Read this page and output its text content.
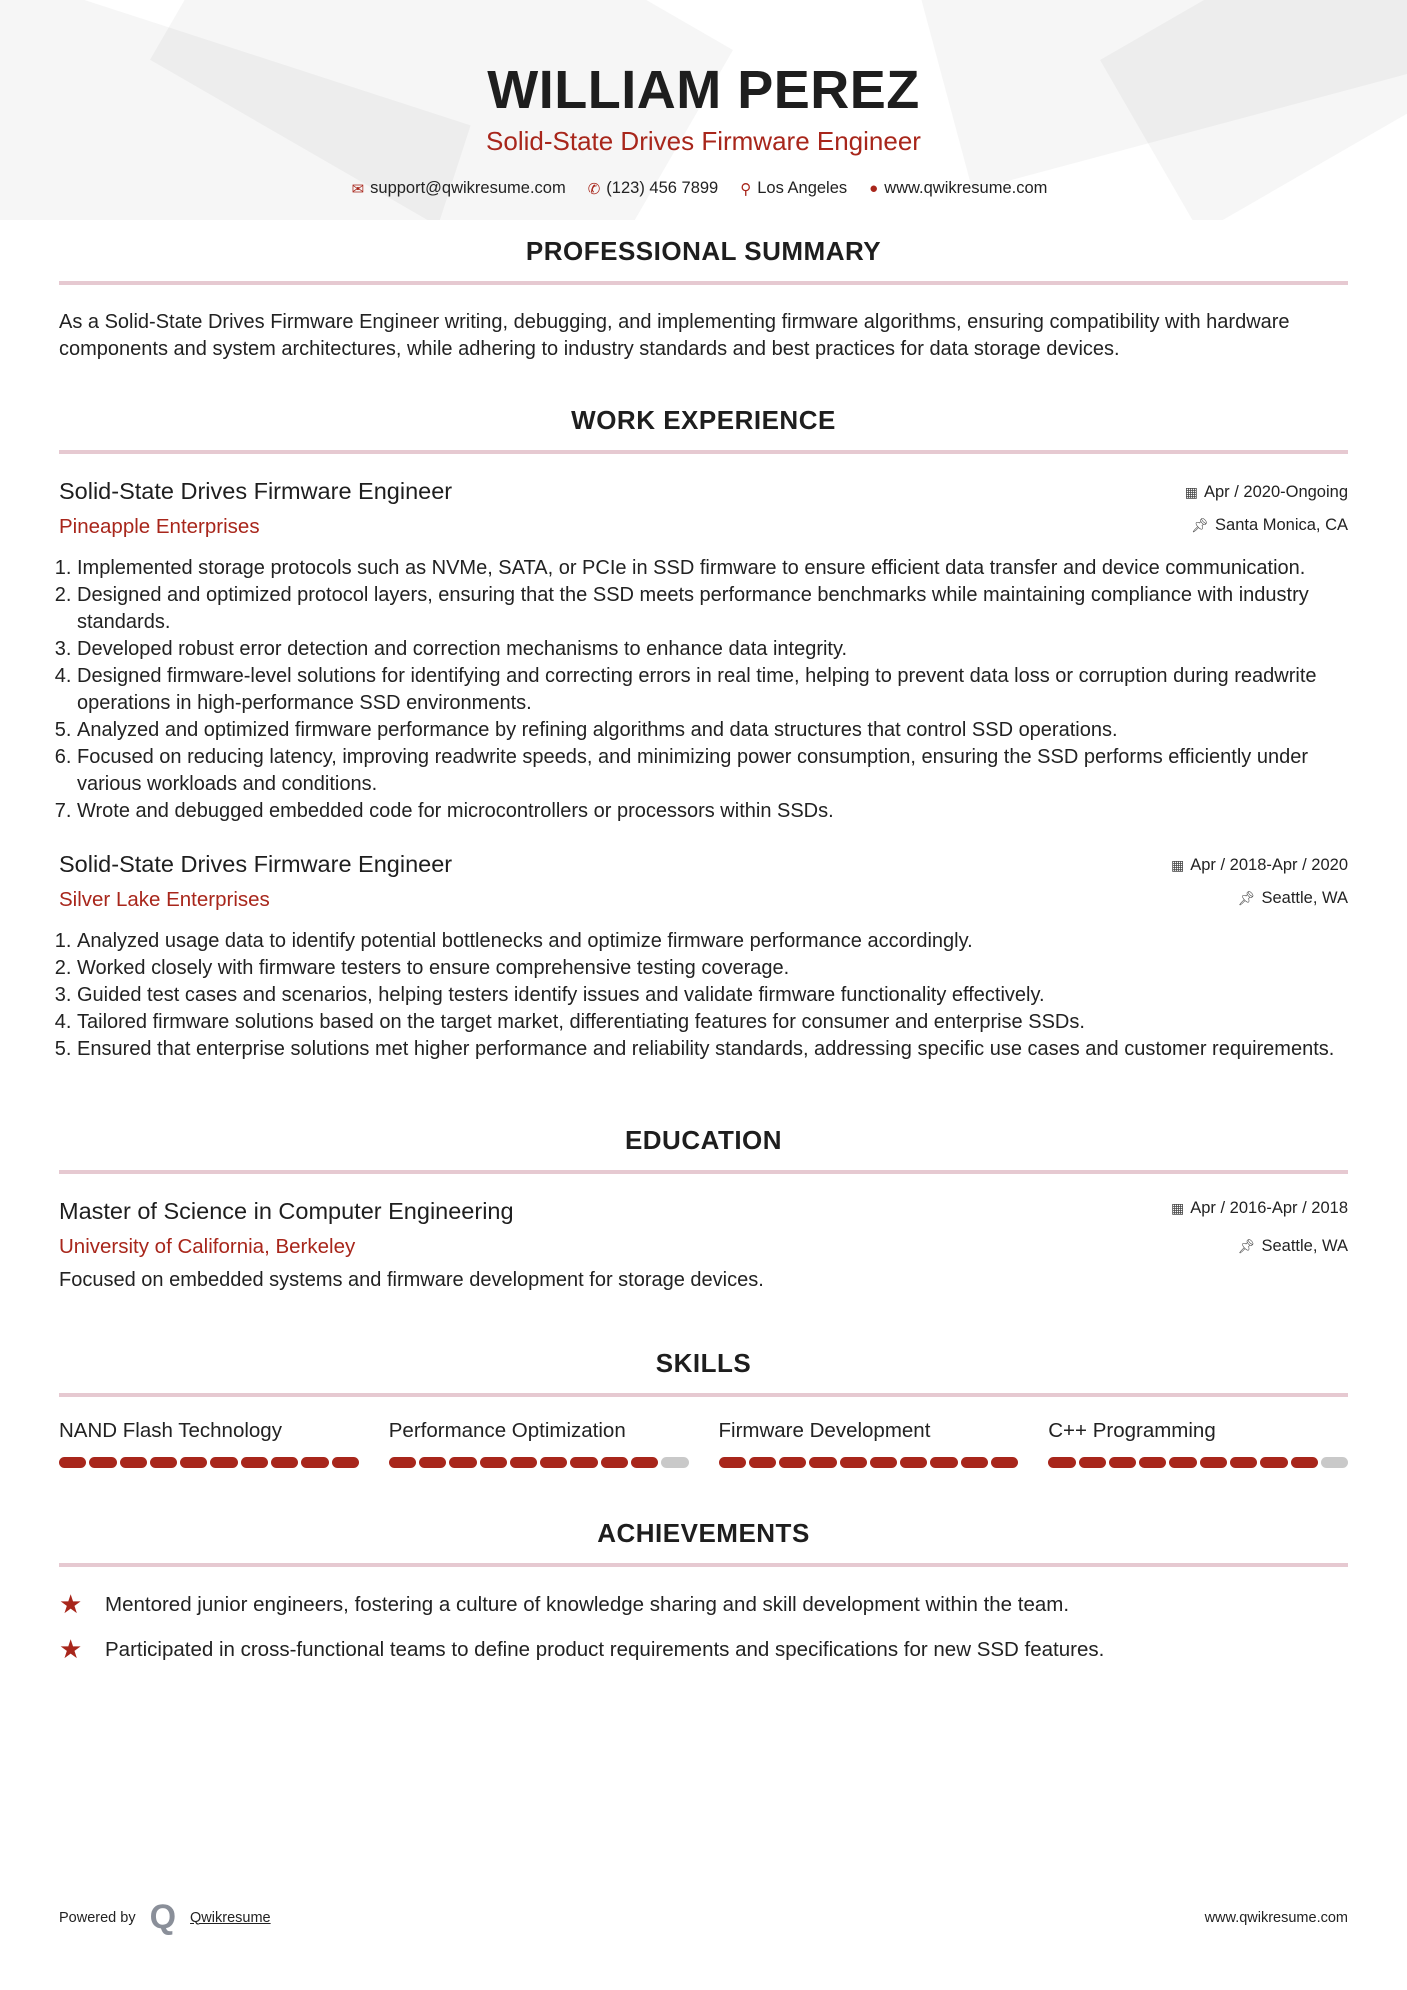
WILLIAM PEREZ
Solid-State Drives Firmware Engineer
✉ support@qwikresume.com ✆ (123) 456 7899 ⚲ Los Angeles ● www.qwikresume.com
PROFESSIONAL SUMMARY

As a Solid-State Drives Firmware Engineer writing, debugging, and implementing firmware algorithms, ensuring compatibility with hardware components and system architectures, while adhering to industry standards and best practices for data storage devices.

WORK EXPERIENCE
Solid-State Drives Firmware Engineer
Pineapple Enterprises
▦ Apr / 2020-Ongoing
📌︎ Santa Monica, CA
1. Implemented storage protocols such as NVMe, SATA, or PCIe in SSD firmware to ensure efficient data transfer and device communication.
2. Designed and optimized protocol layers, ensuring that the SSD meets performance benchmarks while maintaining compliance with industry standards.
3. Developed robust error detection and correction mechanisms to enhance data integrity.
4. Designed firmware-level solutions for identifying and correcting errors in real time, helping to prevent data loss or corruption during readwrite operations in high-performance SSD environments.
5. Analyzed and optimized firmware performance by refining algorithms and data structures that control SSD operations.
6. Focused on reducing latency, improving readwrite speeds, and minimizing power consumption, ensuring the SSD performs efficiently under various workloads and conditions.
7. Wrote and debugged embedded code for microcontrollers or processors within SSDs.
Solid-State Drives Firmware Engineer
Silver Lake Enterprises
▦ Apr / 2018-Apr / 2020
📌︎ Seattle, WA
1. Analyzed usage data to identify potential bottlenecks and optimize firmware performance accordingly.
2. Worked closely with firmware testers to ensure comprehensive testing coverage.
3. Guided test cases and scenarios, helping testers identify issues and validate firmware functionality effectively.
4. Tailored firmware solutions based on the target market, differentiating features for consumer and enterprise SSDs.
5. Ensured that enterprise solutions met higher performance and reliability standards, addressing specific use cases and customer requirements.
EDUCATION
Master of Science in Computer Engineering
University of California, Berkeley
▦ Apr / 2016-Apr / 2018
📌︎ Seattle, WA

Focused on embedded systems and firmware development for storage devices.

SKILLS
NAND Flash Technology	Performance Optimization	Firmware Development	C++ Programming
ACHIEVEMENTS
★	Mentored junior engineers, fostering a culture of knowledge sharing and skill development within the team.
★	Participated in cross-functional teams to define product requirements and specifications for new SSD features.
Powered by Q Qwikresume	www.qwikresume.com
